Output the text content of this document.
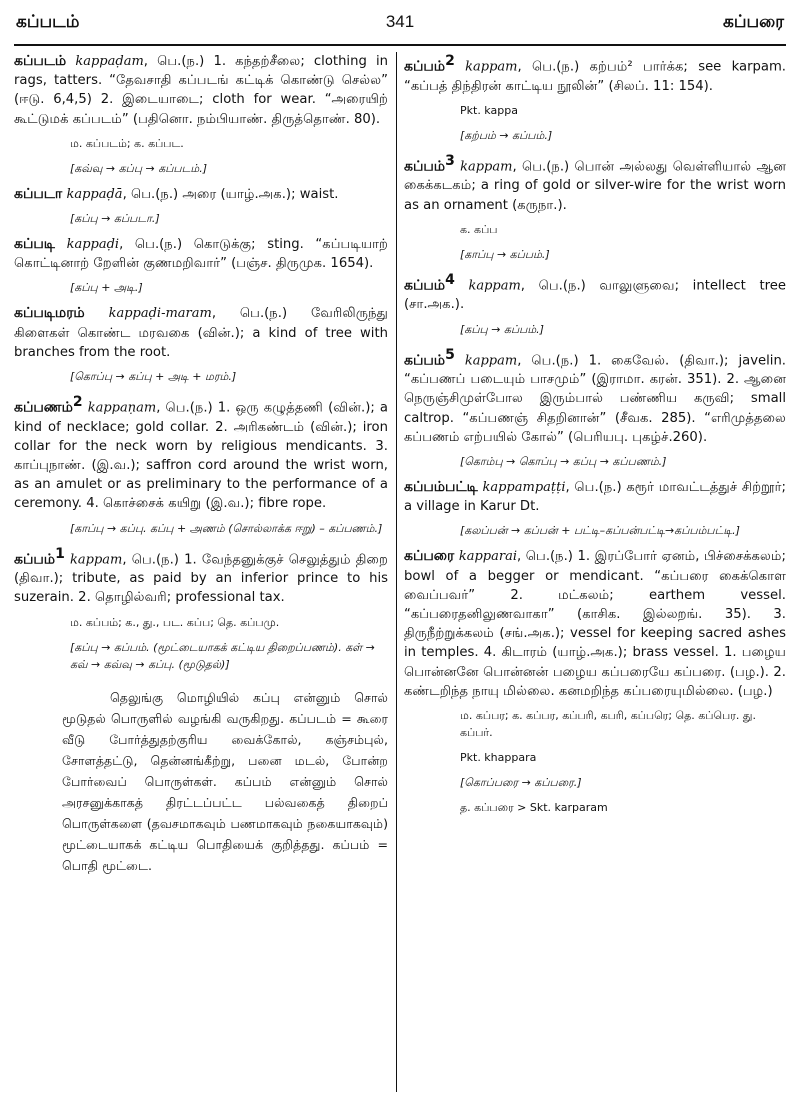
கப்படம்	341	கப்பரை

கப்படம் kappaḍam, பெ.(ந.) 1. கந்தற்சீலை; clothing in rags, tatters. “தேவசாதி கப்படங் கட்டிக் கொண்டு செல்ல” (ஈடு. 6,4,5) 2. இடையாடை; cloth for wear. “அரையிற் கூட்டுமக் கப்படம்” (பதினொ. நம்பியாண். திருத்தொண். 80).

ம. கப்படம்; க. கப்பட.

[கவ்வு → கப்பு → கப்படம்.]

கப்படா kappaḍā, பெ.(ந.) அரை (யாழ்.அக.); waist.

[கப்பு → கப்படா.]

கப்படி kappaḍi, பெ.(ந.) கொடுக்கு; sting. “கப்படியாற் கொட்டினாற் றேளின் குணமறிவார்” (பஞ்ச. திருமுக. 1654).

[கப்பு + அடி.]

கப்படிமரம் kappaḍi-maram, பெ.(ந.) வேரிலிருந்து கிளைகள் கொண்ட மரவகை (வின்.); a kind of tree with branches from the root.

[கொப்பு → கப்பு + அடி + மரம்.]

கப்பணம்$^2$ kappaṇam, பெ.(ந.) 1. ஒரு கழுத்தணி (வின்.); a kind of necklace; gold collar. 2. அரிகண்டம் (வின்.); iron collar for the neck worn by religious mendicants. 3. காப்புநாண். (இ.வ.); saffron cord around the wrist worn, as an amulet or as preliminary to the performance of a ceremony. 4. கொச்சைக் கயிறு (இ.வ.); fibre rope.

[காப்பு → கப்பு. கப்பு + அணம் (சொல்லாக்க ஈறு) – கப்பணம்.]

கப்பம்$^1$ kappam, பெ.(ந.) 1. வேந்தனுக்குச் செலுத்தும் திறை (திவா.); tribute, as paid by an inferior prince to his suzerain. 2. தொழில்வரி; professional tax.

ம. கப்பம்; க., து., பட. கப்ப; தெ. கப்பமு.

[கப்பு → கப்பம். (மூட்டையாகக் கட்டிய திறைப்பணம்). கள் → கவ் → கவ்வு → கப்பு. (மூடுதல்)]

தெலுங்கு மொழியில் கப்பு என்னும் சொல் மூடுதல் பொருளில் வழங்கி வருகிறது. கப்படம் = கூரை வீடு போர்த்துதற்குரிய வைக்கோல், கஞ்சம்புல், சோளத்தட்டு, தென்னங்கீற்று, பனை மடல், போன்ற போர்வைப் பொருள்கள். கப்பம் என்னும் சொல் அரசனுக்காகத் திரட்டப்பட்ட பல்வகைத் திறைப் பொருள்களை (தவசமாகவும் பணமாகவும் நகையாகவும்) மூட்டையாகக் கட்டிய பொதியைக் குறித்தது. கப்பம் = பொதி மூட்டை.

கப்பம்$^2$ kappam, பெ.(ந.) கற்பம்² பார்க்க; see karpam. “கப்பத் திந்திரன் காட்டிய நூலின்” (சிலப். 11: 154).

Pkt. kappa

[கற்பம் → கப்பம்.]

கப்பம்$^3$ kappam, பெ.(ந.) பொன் அல்லது வெள்ளியால் ஆன கைக்கடகம்; a ring of gold or silver-wire for the wrist worn as an ornament (கருநா.).

க. கப்ப

[காப்பு → கப்பம்.]

கப்பம்$^4$ kappam, பெ.(ந.) வாலுளுவை; intellect tree (சா.அக.).

[கப்பு → கப்பம்.]

கப்பம்$^5$ kappam, பெ.(ந.) 1. கைவேல். (திவா.); javelin. “கப்பணப் படையும் பாசமும்” (இராமா. கரன். 351). 2. ஆனை நெருஞ்சிமுள்போல இரும்பால் பண்ணிய கருவி; small caltrop. “கப்பணஞ் சிதறினான்” (சீவக. 285). “எரிமுத்தலை கப்பணம் எற்பயில் கோல்” (பெரியபு. புகழ்ச்.260).

[கொம்பு → கொப்பு → கப்பு → கப்பணம்.]

கப்பம்பட்டி kappampaṭṭi, பெ.(ந.) கரூர் மாவட்டத்துச் சிற்றூர்; a village in Karur Dt.

[கலப்பன் → கப்பன் + பட்டி–கப்பன்பட்டி→கப்பம்பட்டி.]

கப்பரை kapparai, பெ.(ந.) 1. இரப்போர் ஏனம், பிச்சைக்கலம்; bowl of a begger or mendicant. “கப்பரை கைக்கொள வைப்பவர்” 2. மட்கலம்; earthem vessel. “கப்பரைதனிலுணவாகா” (காசிக. இல்லறங். 35). 3. திருநீற்றுக்கலம் (சங்.அக.); vessel for keeping sacred ashes in temples. 4. கிடாரம் (யாழ்.அக.); brass vessel. 1. பழைய பொன்னனே பொன்னன் பழைய கப்பரையே கப்பரை. (பழ.). 2. கண்டறிந்த நாயு மில்லை. கனமறிந்த கப்பரையுமில்லை. (பழ.)

ம. கப்பர; க. கப்பர, கப்பரி, கபரி, கப்பரெ; தெ. கப்பெர. து. கப்பர்.

Pkt. khappara

[கொப்பரை → கப்பரை.]

த. கப்பரை > Skt. karparam
